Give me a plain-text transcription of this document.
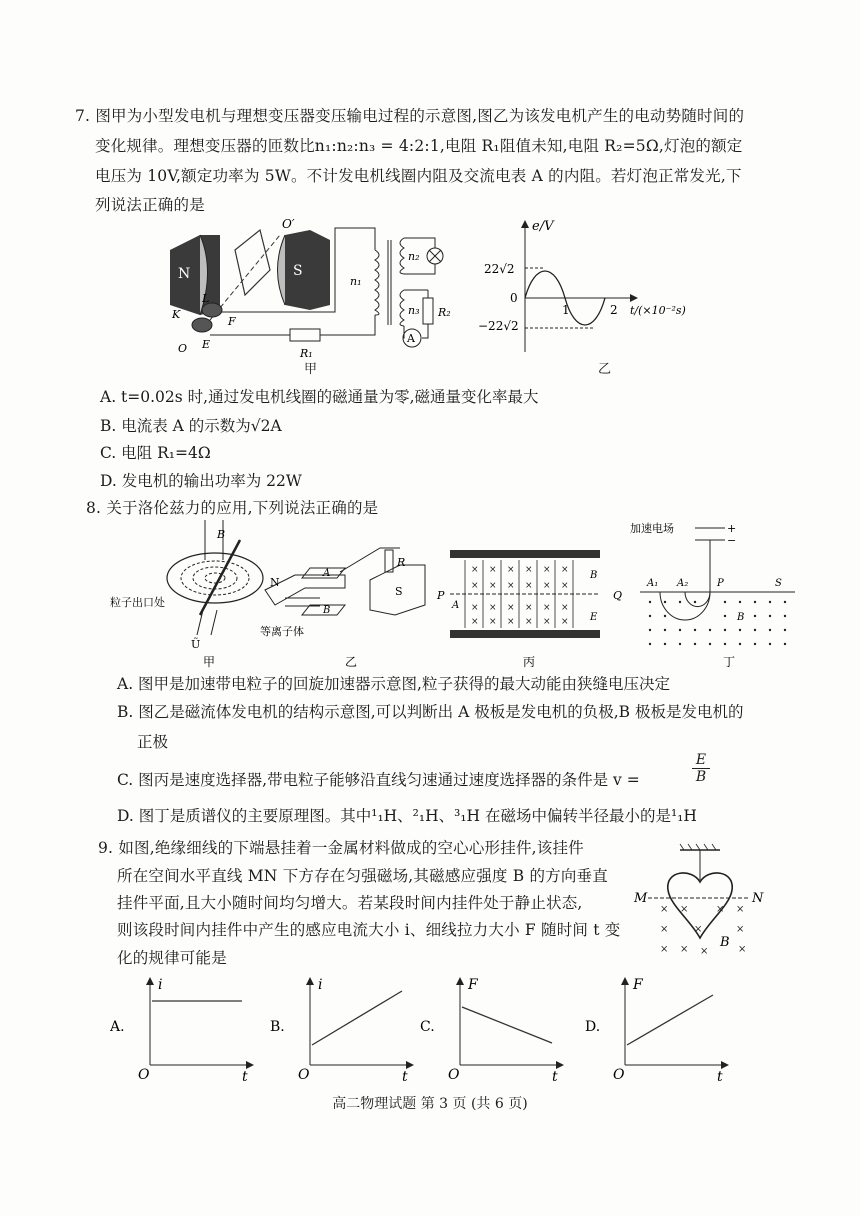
7. 图甲为小型发电机与理想变压器变压输电过程的示意图,图乙为该发电机产生的电动势随时间的
变化规律。理想变压器的匝数比n₁:n₂:n₃ = 4:2:1,电阻 R₁阻值未知,电阻 R₂=5Ω,灯泡的额定
电压为 10V,额定功率为 5W。不计发电机线圈内阻及交流电表 A 的内阻。若灯泡正常发光,下
列说法正确的是
N	S
O′
L
K
F
E
O	R₁
n₁
n₂
n₃ R₂
A
甲
e/V
0
22√2
−22√2
1	2 t/(×10⁻²s)
乙
A. t=0.02s 时,通过发电机线圈的磁通量为零,磁通量变化率最大
B. 电流表 A 的示数为√2A
C. 电阻 R₁=4Ω
D. 发电机的输出功率为 22W
8. 关于洛伦兹力的应用,下列说法正确的是
B
Ũ
粒子出口处
N
A
B
S
R
等离子体
P	Q
B
E
A
× × × × × ×
× × × × × ×
× × × × × ×
× × × × × ×
加速电场	+
−
A₁ A₂	P	S
B
甲	乙	丙	丁
A. 图甲是加速带电粒子的回旋加速器示意图,粒子获得的最大动能由狭缝电压决定
B. 图乙是磁流体发电机的结构示意图,可以判断出 A 极板是发电机的负极,B 极板是发电机的
正极
C. 图丙是速度选择器,带电粒子能够沿直线匀速通过速度选择器的条件是 v =	$\frac{E}{B}$
D. 图丁是质谱仪的主要原理图。其中¹₁H、²₁H、³₁H 在磁场中偏转半径最小的是¹₁H
9. 如图,绝缘细线的下端悬挂着一金属材料做成的空心心形挂件,该挂件
所在空间水平直线 MN 下方存在匀强磁场,其磁感应强度 B 的方向垂直
挂件平面,且大小随时间均匀增大。若某段时间内挂件处于静止状态,
则该段时间内挂件中产生的感应电流大小 i、细线拉力大小 F 随时间 t 变
化的规律可能是
M	N
B
× ×	× ×
×	×
×
× × ×	×
A.
i
t
O
B.
i
t
O
C.
F
t
O
D.
F
t
O
高二物理试题 第 3 页 (共 6 页)
